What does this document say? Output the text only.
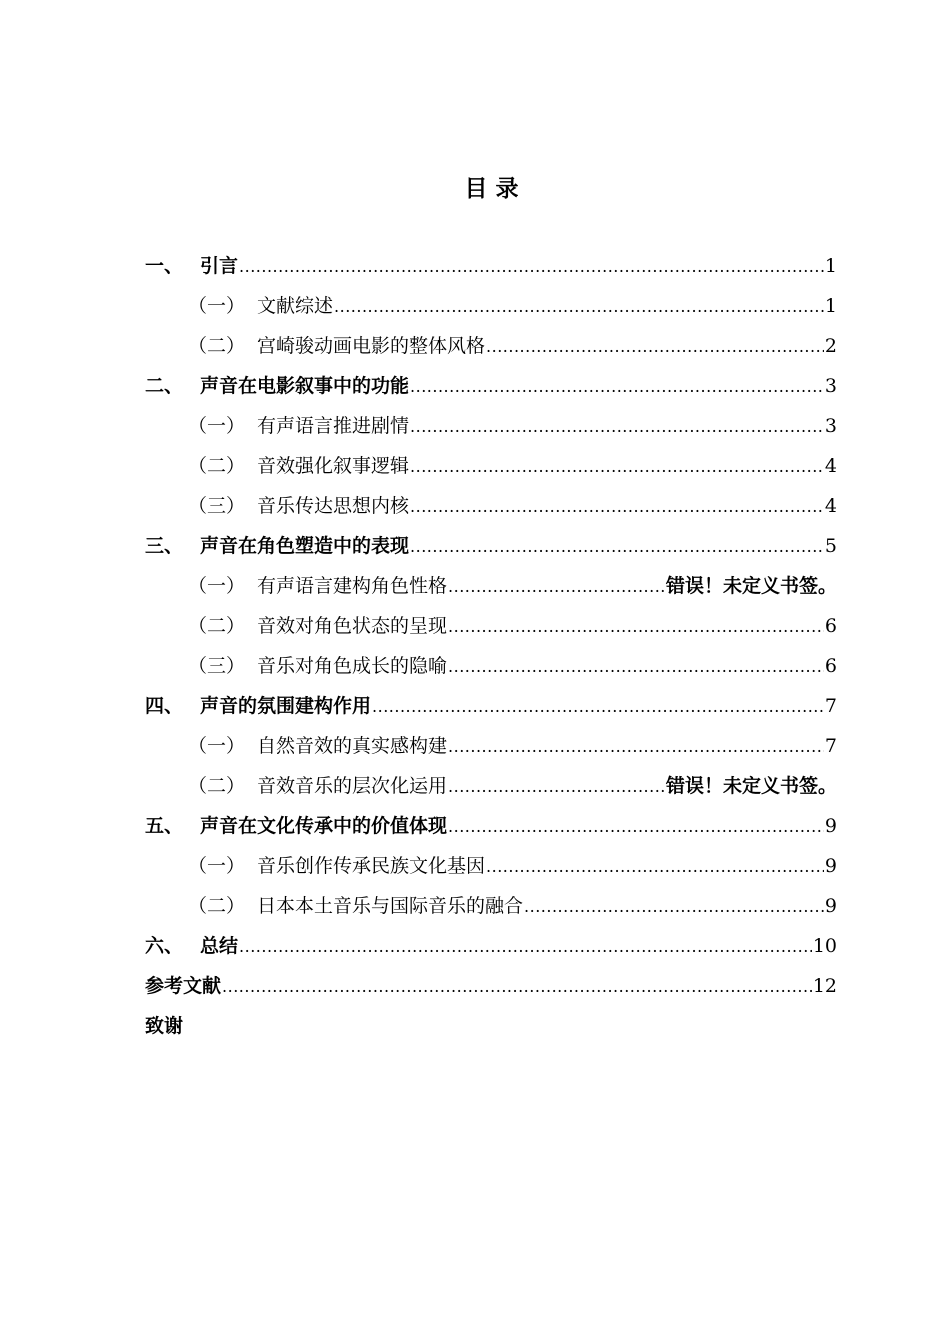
目 录
一、 引言 .....	1
（一） 文献综述 .....	1
（二） 宫崎骏动画电影的整体风格 .....	2
二、 声音在电影叙事中的功能 .....	3
（一） 有声语言推进剧情 .....	3
（二） 音效强化叙事逻辑 .....	4
（三） 音乐传达思想内核 .....	4
三、 声音在角色塑造中的表现 .....	5
（一） 有声语言建构角色性格 .....	错误！未定义书签。
（二） 音效对角色状态的呈现 .....	6
（三） 音乐对角色成长的隐喻 .....	6
四、 声音的氛围建构作用 .....	7
（一） 自然音效的真实感构建 .....	7
（二） 音效音乐的层次化运用 .....	错误！未定义书签。
五、 声音在文化传承中的价值体现 .....	9
（一） 音乐创作传承民族文化基因 .....	9
（二） 日本本土音乐与国际音乐的融合 .....	9
六、 总结 .....	10
参考文献 .....	12
致谢
